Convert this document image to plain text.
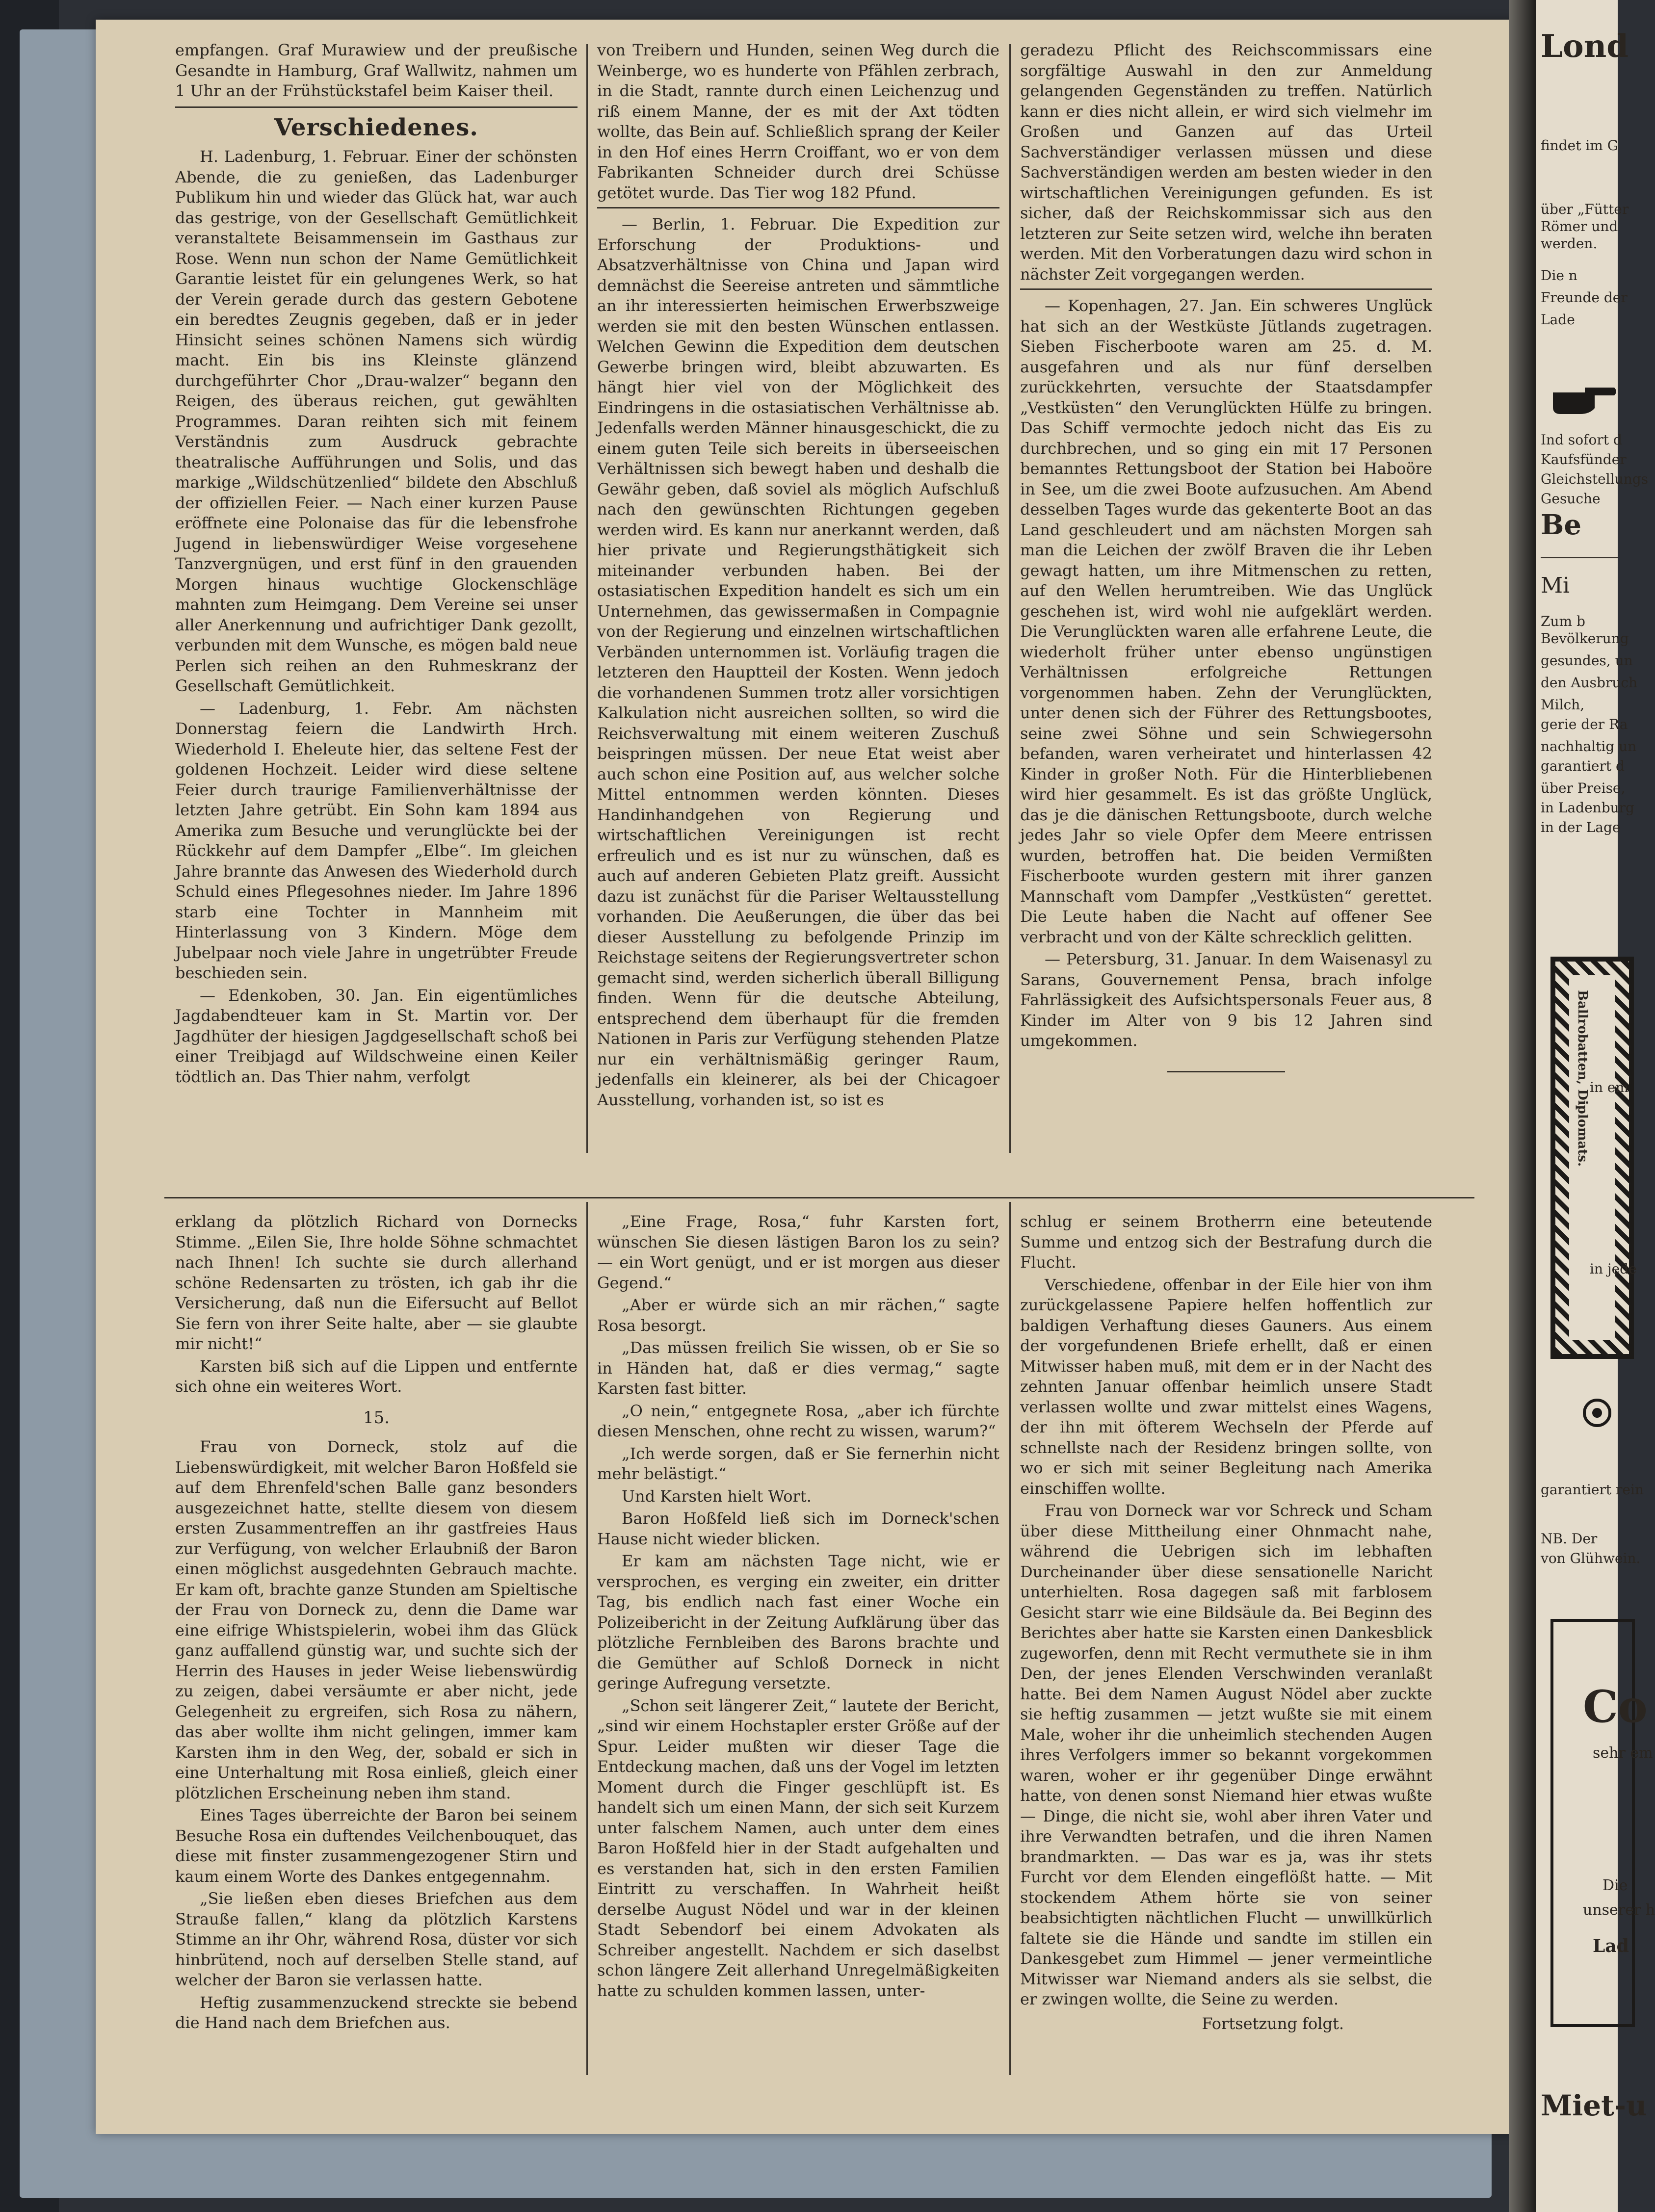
empfangen. Graf Murawiew und der preußische Gesandte in Hamburg, Graf Wallwitz, nahmen um 1 Uhr an der Frühstückstafel beim Kaiser theil.

Verschiedenes.

H. Ladenburg, 1. Februar. Einer der schönsten Abende, die zu genießen, das Ladenburger Publikum hin und wieder das Glück hat, war auch das gestrige, von der Gesellschaft Gemütlichkeit veranstaltete Beisammensein im Gasthaus zur Rose. Wenn nun schon der Name Gemütlichkeit Garantie leistet für ein gelungenes Werk, so hat der Verein gerade durch das gestern Gebotene ein beredtes Zeugnis gegeben, daß er in jeder Hinsicht seines schönen Namens sich würdig macht. Ein bis ins Kleinste glänzend durchgeführter Chor „Drau-walzer“ begann den Reigen, des überaus reichen, gut gewählten Programmes. Daran reihten sich mit feinem Verständnis zum Ausdruck gebrachte theatralische Aufführungen und Solis, und das markige „Wildschützenlied“ bildete den Abschluß der offiziellen Feier. — Nach einer kurzen Pause eröffnete eine Polonaise das für die lebensfrohe Jugend in liebenswürdiger Weise vorgesehene Tanzvergnügen, und erst fünf in den grauenden Morgen hinaus wuchtige Glockenschläge mahnten zum Heimgang. Dem Vereine sei unser aller Anerkennung und aufrichtiger Dank gezollt, verbunden mit dem Wunsche, es mögen bald neue Perlen sich reihen an den Ruhmeskranz der Gesellschaft Gemütlichkeit.

— Ladenburg, 1. Febr. Am nächsten Donnerstag feiern die Landwirth Hrch. Wiederhold I. Eheleute hier, das seltene Fest der goldenen Hochzeit. Leider wird diese seltene Feier durch traurige Familienverhältnisse der letzten Jahre getrübt. Ein Sohn kam 1894 aus Amerika zum Besuche und verunglückte bei der Rückkehr auf dem Dampfer „Elbe“. Im gleichen Jahre brannte das Anwesen des Wiederhold durch Schuld eines Pflegesohnes nieder. Im Jahre 1896 starb eine Tochter in Mannheim mit Hinterlassung von 3 Kindern. Möge dem Jubelpaar noch viele Jahre in ungetrübter Freude beschieden sein.

— Edenkoben, 30. Jan. Ein eigentümliches Jagdabendteuer kam in St. Martin vor. Der Jagdhüter der hiesigen Jagdgesellschaft schoß bei einer Treibjagd auf Wildschweine einen Keiler tödtlich an. Das Thier nahm, verfolgt

von Treibern und Hunden, seinen Weg durch die Weinberge, wo es hunderte von Pfählen zerbrach, in die Stadt, rannte durch einen Leichenzug und riß einem Manne, der es mit der Axt tödten wollte, das Bein auf. Schließlich sprang der Keiler in den Hof eines Herrn Croiffant, wo er von dem Fabrikanten Schneider durch drei Schüsse getötet wurde. Das Tier wog 182 Pfund.

— Berlin, 1. Februar. Die Expedition zur Erforschung der Produktions- und Absatzverhältnisse von China und Japan wird demnächst die Seereise antreten und sämmtliche an ihr interessierten heimischen Erwerbszweige werden sie mit den besten Wünschen entlassen. Welchen Gewinn die Expedition dem deutschen Gewerbe bringen wird, bleibt abzuwarten. Es hängt hier viel von der Möglichkeit des Eindringens in die ostasiatischen Verhältnisse ab. Jedenfalls werden Männer hinausgeschickt, die zu einem guten Teile sich bereits in überseeischen Verhältnissen sich bewegt haben und deshalb die Gewähr geben, daß soviel als möglich Aufschluß nach den gewünschten Richtungen gegeben werden wird. Es kann nur anerkannt werden, daß hier private und Regierungsthätigkeit sich miteinander verbunden haben. Bei der ostasiatischen Expedition handelt es sich um ein Unternehmen, das gewissermaßen in Compagnie von der Regierung und einzelnen wirtschaftlichen Verbänden unternommen ist. Vorläufig tragen die letzteren den Hauptteil der Kosten. Wenn jedoch die vorhandenen Summen trotz aller vorsichtigen Kalkulation nicht ausreichen sollten, so wird die Reichsverwaltung mit einem weiteren Zuschuß beispringen müssen. Der neue Etat weist aber auch schon eine Position auf, aus welcher solche Mittel entnommen werden könnten. Dieses Handinhandgehen von Regierung und wirtschaftlichen Vereinigungen ist recht erfreulich und es ist nur zu wünschen, daß es auch auf anderen Gebieten Platz greift. Aussicht dazu ist zunächst für die Pariser Weltausstellung vorhanden. Die Aeußerungen, die über das bei dieser Ausstellung zu befolgende Prinzip im Reichstage seitens der Regierungsvertreter schon gemacht sind, werden sicherlich überall Billigung finden. Wenn für die deutsche Abteilung, entsprechend dem überhaupt für die fremden Nationen in Paris zur Verfügung stehenden Platze nur ein verhältnismäßig geringer Raum, jedenfalls ein kleinerer, als bei der Chicagoer Ausstellung, vorhanden ist, so ist es

geradezu Pflicht des Reichscommissars eine sorgfältige Auswahl in den zur Anmeldung gelangenden Gegenständen zu treffen. Natürlich kann er dies nicht allein, er wird sich vielmehr im Großen und Ganzen auf das Urteil Sachverständiger verlassen müssen und diese Sachverständigen werden am besten wieder in den wirtschaftlichen Vereinigungen gefunden. Es ist sicher, daß der Reichskommissar sich aus den letzteren zur Seite setzen wird, welche ihn beraten werden. Mit den Vorberatungen dazu wird schon in nächster Zeit vorgegangen werden.

— Kopenhagen, 27. Jan. Ein schweres Unglück hat sich an der Westküste Jütlands zugetragen. Sieben Fischerboote waren am 25. d. M. ausgefahren und als nur fünf derselben zurückkehrten, versuchte der Staatsdampfer „Vestküsten“ den Verunglückten Hülfe zu bringen. Das Schiff vermochte jedoch nicht das Eis zu durchbrechen, und so ging ein mit 17 Personen bemanntes Rettungsboot der Station bei Haboöre in See, um die zwei Boote aufzusuchen. Am Abend desselben Tages wurde das gekenterte Boot an das Land geschleudert und am nächsten Morgen sah man die Leichen der zwölf Braven die ihr Leben gewagt hatten, um ihre Mitmenschen zu retten, auf den Wellen herumtreiben. Wie das Unglück geschehen ist, wird wohl nie aufgeklärt werden. Die Verunglückten waren alle erfahrene Leute, die wiederholt früher unter ebenso ungünstigen Verhältnissen erfolgreiche Rettungen vorgenommen haben. Zehn der Verunglückten, unter denen sich der Führer des Rettungsbootes, seine zwei Söhne und sein Schwiegersohn befanden, waren verheiratet und hinterlassen 42 Kinder in großer Noth. Für die Hinterbliebenen wird hier gesammelt. Es ist das größte Unglück, das je die dänischen Rettungsboote, durch welche jedes Jahr so viele Opfer dem Meere entrissen wurden, betroffen hat. Die beiden Vermißten Fischerboote wurden gestern mit ihrer ganzen Mannschaft vom Dampfer „Vestküsten“ gerettet. Die Leute haben die Nacht auf offener See verbracht und von der Kälte schrecklich gelitten.

— Petersburg, 31. Januar. In dem Waisenasyl zu Sarans, Gouvernement Pensa, brach infolge Fahrlässigkeit des Aufsichtspersonals Feuer aus, 8 Kinder im Alter von 9 bis 12 Jahren sind umgekommen.

erklang da plötzlich Richard von Dornecks Stimme. „Eilen Sie, Ihre holde Söhne schmachtet nach Ihnen! Ich suchte sie durch allerhand schöne Redensarten zu trösten, ich gab ihr die Versicherung, daß nun die Eifersucht auf Bellot Sie fern von ihrer Seite halte, aber — sie glaubte mir nicht!“

Karsten biß sich auf die Lippen und entfernte sich ohne ein weiteres Wort.

15.

Frau von Dorneck, stolz auf die Liebenswürdigkeit, mit welcher Baron Hoßfeld sie auf dem Ehrenfeld'schen Balle ganz besonders ausgezeichnet hatte, stellte diesem von diesem ersten Zusammentreffen an ihr gastfreies Haus zur Verfügung, von welcher Erlaubniß der Baron einen möglichst ausgedehnten Gebrauch machte. Er kam oft, brachte ganze Stunden am Spieltische der Frau von Dorneck zu, denn die Dame war eine eifrige Whistspielerin, wobei ihm das Glück ganz auffallend günstig war, und suchte sich der Herrin des Hauses in jeder Weise liebenswürdig zu zeigen, dabei versäumte er aber nicht, jede Gelegenheit zu ergreifen, sich Rosa zu nähern, das aber wollte ihm nicht gelingen, immer kam Karsten ihm in den Weg, der, sobald er sich in eine Unterhaltung mit Rosa einließ, gleich einer plötzlichen Erscheinung neben ihm stand.

Eines Tages überreichte der Baron bei seinem Besuche Rosa ein duftendes Veilchenbouquet, das diese mit finster zusammengezogener Stirn und kaum einem Worte des Dankes entgegennahm.

„Sie ließen eben dieses Briefchen aus dem Strauße fallen,“ klang da plötzlich Karstens Stimme an ihr Ohr, während Rosa, düster vor sich hinbrütend, noch auf derselben Stelle stand, auf welcher der Baron sie verlassen hatte.

Heftig zusammenzuckend streckte sie bebend die Hand nach dem Briefchen aus.

„Eine Frage, Rosa,“ fuhr Karsten fort, wünschen Sie diesen lästigen Baron los zu sein? — ein Wort genügt, und er ist morgen aus dieser Gegend.“

„Aber er würde sich an mir rächen,“ sagte Rosa besorgt.

„Das müssen freilich Sie wissen, ob er Sie so in Händen hat, daß er dies vermag,“ sagte Karsten fast bitter.

„O nein,“ entgegnete Rosa, „aber ich fürchte diesen Menschen, ohne recht zu wissen, warum?“

„Ich werde sorgen, daß er Sie fernerhin nicht mehr belästigt.“

Und Karsten hielt Wort.

Baron Hoßfeld ließ sich im Dorneck'schen Hause nicht wieder blicken.

Er kam am nächsten Tage nicht, wie er versprochen, es verging ein zweiter, ein dritter Tag, bis endlich nach fast einer Woche ein Polizeibericht in der Zeitung Aufklärung über das plötzliche Fernbleiben des Barons brachte und die Gemüther auf Schloß Dorneck in nicht geringe Aufregung versetzte.

„Schon seit längerer Zeit,“ lautete der Bericht, „sind wir einem Hochstapler erster Größe auf der Spur. Leider mußten wir dieser Tage die Entdeckung machen, daß uns der Vogel im letzten Moment durch die Finger geschlüpft ist. Es handelt sich um einen Mann, der sich seit Kurzem unter falschem Namen, auch unter dem eines Baron Hoßfeld hier in der Stadt aufgehalten und es verstanden hat, sich in den ersten Familien Eintritt zu verschaffen. In Wahrheit heißt derselbe August Nödel und war in der kleinen Stadt Sebendorf bei einem Advokaten als Schreiber angestellt. Nachdem er sich daselbst schon längere Zeit allerhand Unregelmäßigkeiten hatte zu schulden kommen lassen, unter-

schlug er seinem Brotherrn eine beteutende Summe und entzog sich der Bestrafung durch die Flucht.

Verschiedene, offenbar in der Eile hier von ihm zurückgelassene Papiere helfen hoffentlich zur baldigen Verhaftung dieses Gauners. Aus einem der vorgefundenen Briefe erhellt, daß er einen Mitwisser haben muß, mit dem er in der Nacht des zehnten Januar offenbar heimlich unsere Stadt verlassen wollte und zwar mittelst eines Wagens, der ihn mit öfterem Wechseln der Pferde auf schnellste nach der Residenz bringen sollte, von wo er sich mit seiner Begleitung nach Amerika einschiffen wollte.

Frau von Dorneck war vor Schreck und Scham über diese Mittheilung einer Ohnmacht nahe, während die Uebrigen sich im lebhaften Durcheinander über diese sensationelle Naricht unterhielten. Rosa dagegen saß mit farblosem Gesicht starr wie eine Bildsäule da. Bei Beginn des Berichtes aber hatte sie Karsten einen Dankesblick zugeworfen, denn mit Recht vermuthete sie in ihm Den, der jenes Elenden Verschwinden veranlaßt hatte. Bei dem Namen August Nödel aber zuckte sie heftig zusammen — jetzt wußte sie mit einem Male, woher ihr die unheimlich stechenden Augen ihres Verfolgers immer so bekannt vorgekommen waren, woher er ihr gegenüber Dinge erwähnt hatte, von denen sonst Niemand hier etwas wußte — Dinge, die nicht sie, wohl aber ihren Vater und ihre Verwandten betrafen, und die ihren Namen brandmarkten. — Das war es ja, was ihr stets Furcht vor dem Elenden eingeflößt hatte. — Mit stockendem Athem hörte sie von seiner beabsichtigten nächtlichen Flucht — unwillkürlich faltete sie die Hände und sandte im stillen ein Dankesgebet zum Himmel — jener vermeintliche Mitwisser war Niemand anders als sie selbst, die er zwingen wollte, die Seine zu werden.

Fortsetzung folgt.
Lond
findet im G
über „Fütter
Römer und
werden.
Die n
Freunde der
Lade
Ind sofort d
Kaufsfünder
Gleichstellungs
Gesuche
Be
Mi
Zum b
Bevölkerung
gesundes, un
den Ausbruch
Milch,
gerie der Ra
nachhaltig un
garantiert d
über Preise,
in Ladenburg
in der Lage
Ballrobatten, Diplomats. in em
in jede
garantiert rein
NB. Der
von Glühwein.
Co
sehr em
Die
unserer h
Lad
Miet-u
